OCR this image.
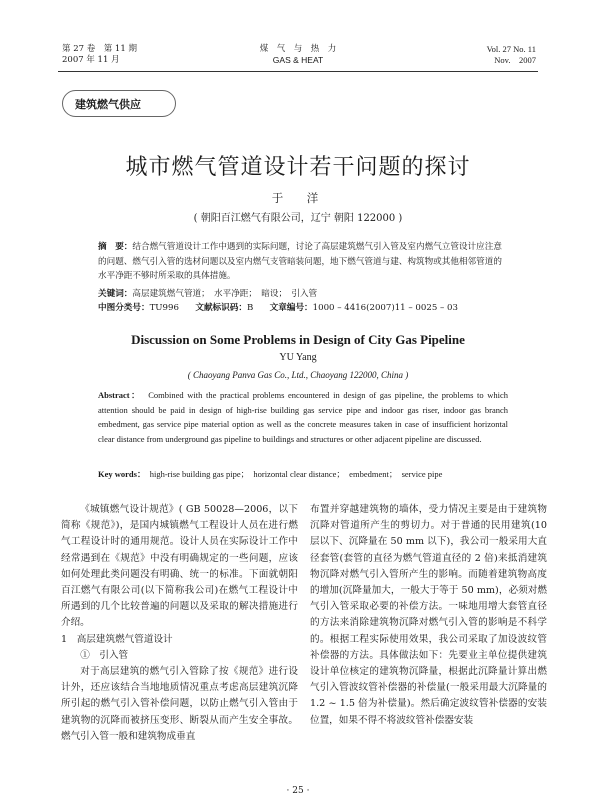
第 27 卷　第 11 期
2007 年 11 月
煤　气　与　热　力
GAS & HEAT
Vol. 27 No. 11
Nov.　2007
建筑燃气供应
城市燃气管道设计若干问题的探讨
于　洋
( 朝阳百江燃气有限公司，辽宁 朝阳 122000 )
摘　要：结合燃气管道设计工作中遇到的实际问题，讨论了高层建筑燃气引入管及室内燃气立管设计应注意的问题、燃气引入管的选材问题以及室内燃气支管暗装问题，地下燃气管道与建、构筑物或其他相邻管道的水平净距不够时所采取的具体措施。
关键词：高层建筑燃气管道；　水平净距；　暗设；　引入管
中图分类号：TU996 文献标识码：B 文章编号：1000 – 4416(2007)11 – 0025 – 03
Discussion on Some Problems in Design of City Gas Pipeline
YU Yang
( Chaoyang Panva Gas Co., Ltd., Chaoyang 122000, China )
Abstract： Combined with the practical problems encountered in design of gas pipeline, the problems to which attention should be paid in design of high-rise building gas service pipe and indoor gas riser, indoor gas branch embedment, gas service pipe material option as well as the concrete measures taken in case of insufficient horizontal clear distance from underground gas pipeline to buildings and structures or other adjacent pipeline are discussed.
Key words： high-rise building gas pipe；　horizontal clear distance；　embedment；　service pipe

《城镇燃气设计规范》( GB 50028—2006，以下简称《规范》)，是国内城镇燃气工程设计人员在进行燃气工程设计时的通用规范。设计人员在实际设计工作中经常遇到在《规范》中没有明确规定的一些问题，应该如何处理此类问题没有明确、统一的标准。下面就朝阳百江燃气有限公司(以下简称我公司)在燃气工程设计中所遇到的几个比较普遍的问题以及采取的解决措施进行介绍。

1　高层建筑燃气管道设计

①　引入管

对于高层建筑的燃气引入管除了按《规范》进行设计外，还应该结合当地地质情况重点考虑高层建筑沉降所引起的燃气引入管补偿问题，以防止燃气引入管由于建筑物的沉降而被挤压变形、断裂从而产生安全事故。燃气引入管一般和建筑物成垂直

布置并穿越建筑物的墙体，受力情况主要是由于建筑物沉降对管道所产生的剪切力。对于普通的民用建筑(10 层以下、沉降量在 50 mm 以下)，我公司一般采用大直径套管(套管的直径为燃气管道直径的 2 倍)来抵消建筑物沉降对燃气引入管所产生的影响。而随着建筑物高度的增加(沉降量加大，一般大于等于 50 mm)，必须对燃气引入管采取必要的补偿方法。一味地用增大套管直径的方法来消除建筑物沉降对燃气引入管的影响是不科学的。根据工程实际使用效果，我公司采取了加设波纹管补偿器的方法。具体做法如下：先要业主单位提供建筑设计单位核定的建筑物沉降量，根据此沉降量计算出燃气引入管波纹管补偿器的补偿量(一般采用最大沉降量的 1.2 ~ 1.5 倍为补偿量)。然后确定波纹管补偿器的安装位置，如果不得不将波纹管补偿器安装

· 25 ·
